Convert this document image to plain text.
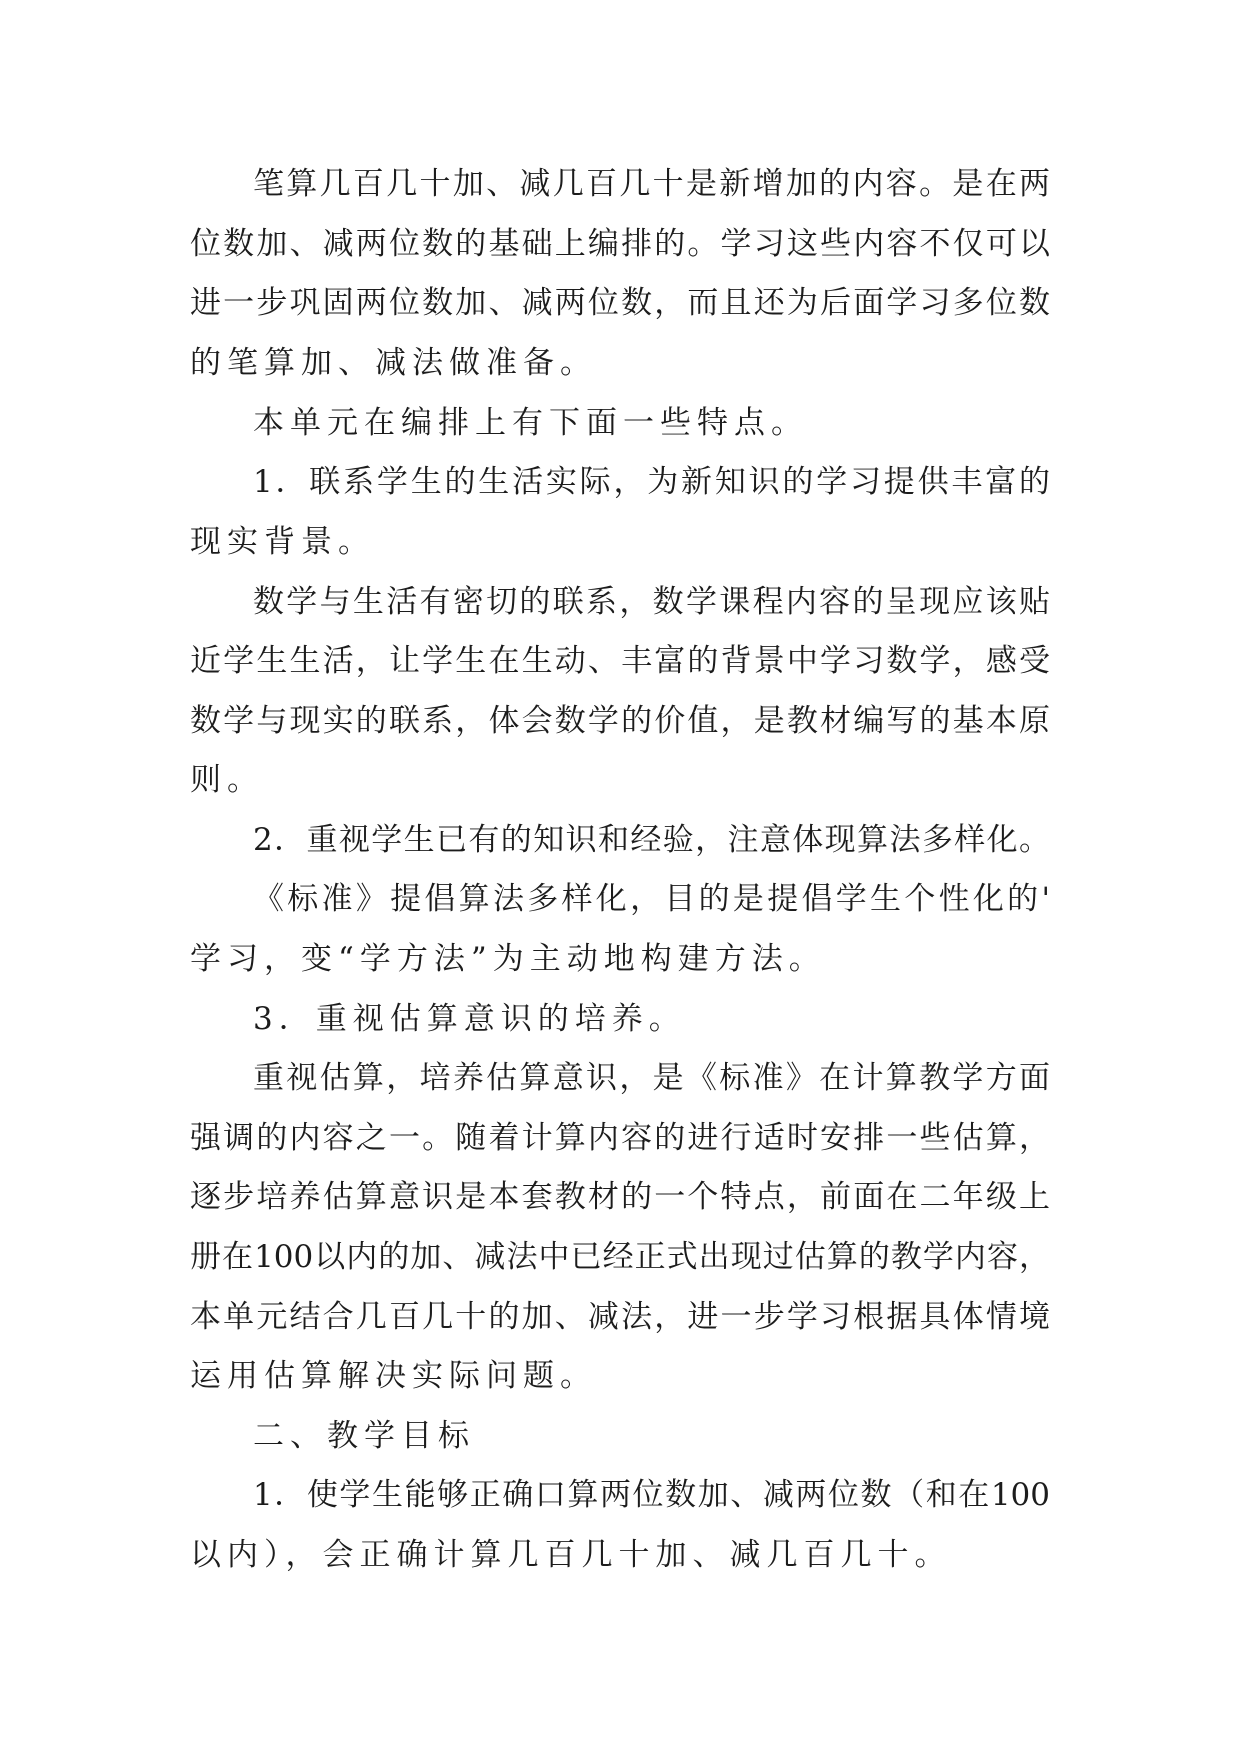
笔算几百几十加、减几百几十是新增加的内容。是在两
位数加、减两位数的基础上编排的。学习这些内容不仅可以
进一步巩固两位数加、减两位数，而且还为后面学习多位数
的笔算加、减法做准备。
本单元在编排上有下面一些特点。
1．联系学生的生活实际，为新知识的学习提供丰富的
现实背景。
数学与生活有密切的联系，数学课程内容的呈现应该贴
近学生生活，让学生在生动、丰富的背景中学习数学，感受
数学与现实的联系，体会数学的价值，是教材编写的基本原
则。
2．重视学生已有的知识和经验，注意体现算法多样化。
《标准》提倡算法多样化，目的是提倡学生个性化的'
学习，变“学方法”为主动地构建方法。
3．重视估算意识的培养。
重视估算，培养估算意识，是《标准》在计算教学方面
强调的内容之一。随着计算内容的进行适时安排一些估算，
逐步培养估算意识是本套教材的一个特点，前面在二年级上
册在100以内的加、减法中已经正式出现过估算的教学内容，
本单元结合几百几十的加、减法，进一步学习根据具体情境
运用估算解决实际问题。
二、教学目标
1．使学生能够正确口算两位数加、减两位数（和在100
以内），会正确计算几百几十加、减几百几十。
